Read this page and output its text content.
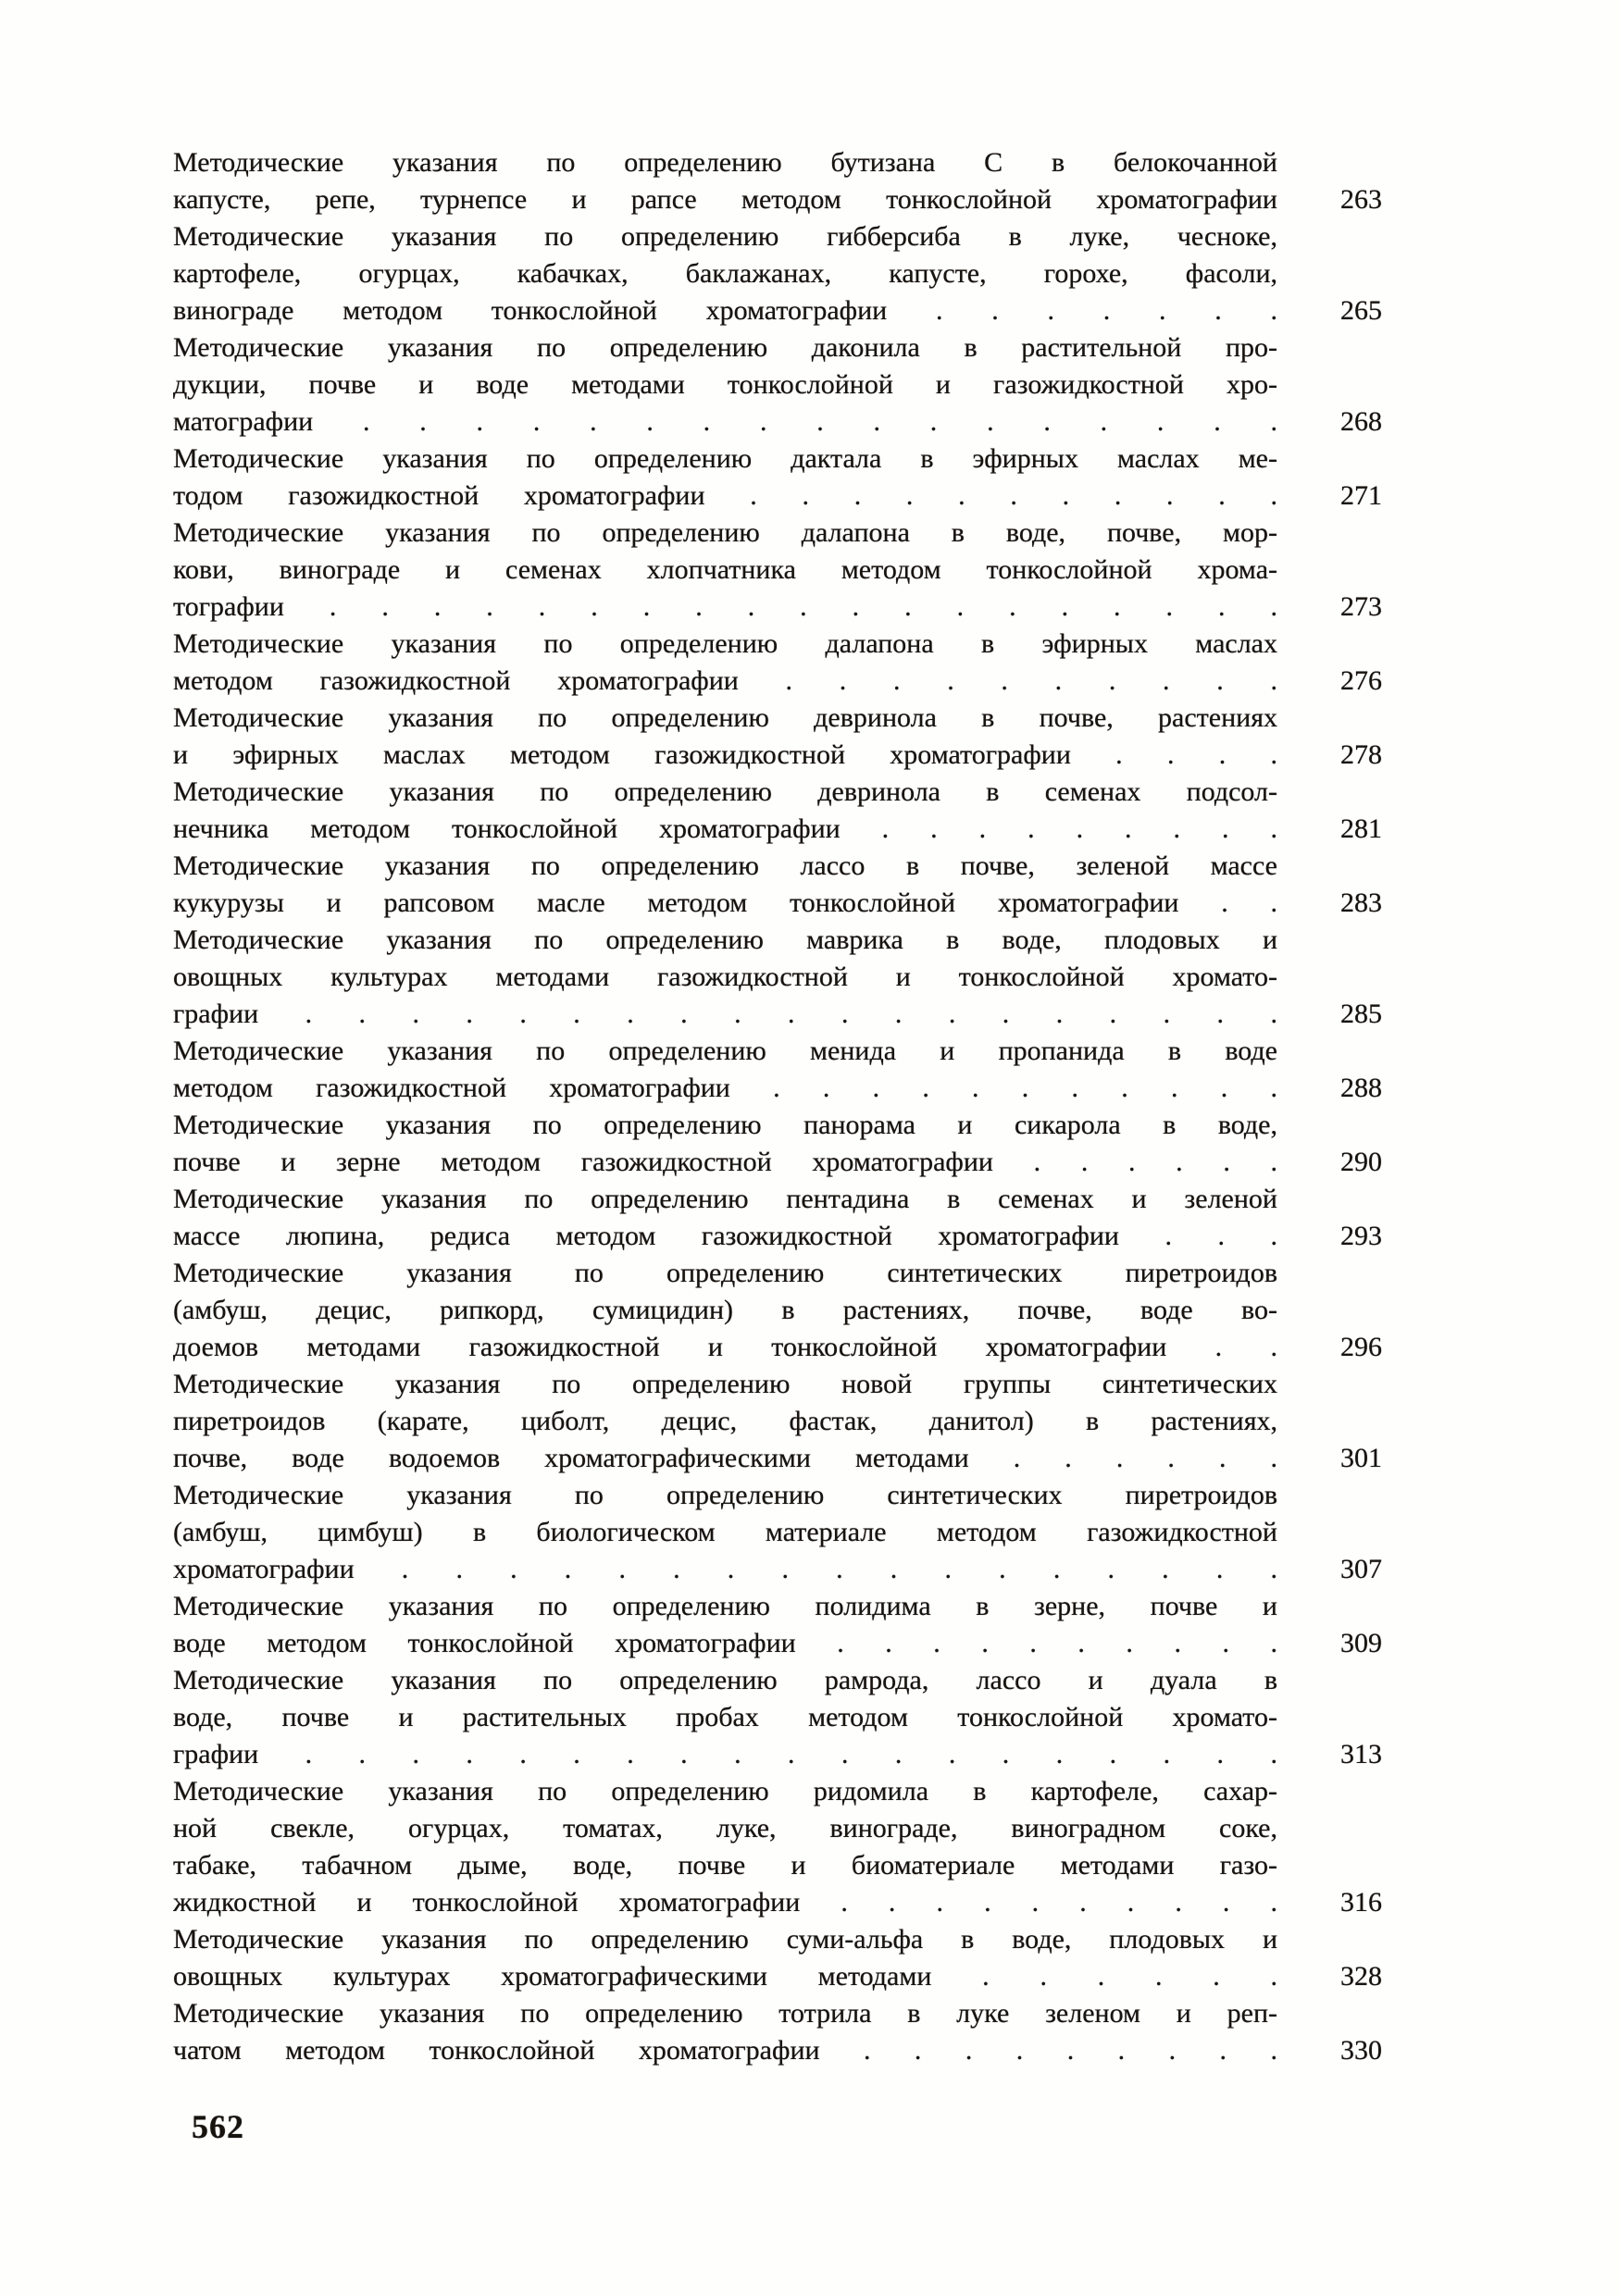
Методические указания по определению бутизана С в белокочанной
капусте, репе, турнепсе и рапсе методом тонкослойной хроматографии	263
Методические указания по определению гибберсиба в луке, чесноке,
картофеле, огурцах, кабачках, баклажанах, капусте, горохе, фасоли,
винограде методом тонкослойной хроматографии . . . . . . .	265
Методические указания по определению даконила в растительной про-
дукции, почве и воде методами тонкослойной и газожидкостной хро-
матографии . . . . . . . . . . . . . . . . .	268
Методические указания по определению дактала в эфирных маслах ме-
тодом газожидкостной хроматографии . . . . . . . . . . .	271
Методические указания по определению далапона в воде, почве, мор-
кови, винограде и семенах хлопчатника методом тонкослойной хрома-
тографии . . . . . . . . . . . . . . . . . . .	273
Методические указания по определению далапона в эфирных маслах
методом газожидкостной хроматографии . . . . . . . . . .	276
Методические указания по определению девринола в почве, растениях
и эфирных маслах методом газожидкостной хроматографии . . . .	278
Методические указания по определению девринола в семенах подсол-
нечника методом тонкослойной хроматографии . . . . . . . . .	281
Методические указания по определению лассо в почве, зеленой массе
кукурузы и рапсовом масле методом тонкослойной хроматографии . .	283
Методические указания по определению маврика в воде, плодовых и
овощных культурах методами газожидкостной и тонкослойной хромато-
графии . . . . . . . . . . . . . . . . . . .	285
Методические указания по определению менида и пропанида в воде
методом газожидкостной хроматографии . . . . . . . . . . .	288
Методические указания по определению панорама и сикарола в воде,
почве и зерне методом газожидкостной хроматографии . . . . . .	290
Методические указания по определению пентадина в семенах и зеленой
массе люпина, редиса методом газожидкостной хроматографии . . .	293
Методические указания по определению синтетических пиретроидов
(амбуш, децис, рипкорд, сумицидин) в растениях, почве, воде во-
доемов методами газожидкостной и тонкослойной хроматографии . .	296
Методические указания по определению новой группы синтетических
пиретроидов (карате, циболт, децис, фастак, данитол) в растениях,
почве, воде водоемов хроматографическими методами . . . . . .	301
Методические указания по определению синтетических пиретроидов
(амбуш, цимбуш) в биологическом материале методом газожидкостной
хроматографии . . . . . . . . . . . . . . . . .	307
Методические указания по определению полидима в зерне, почве и
воде методом тонкослойной хроматографии . . . . . . . . . .	309
Методические указания по определению рамрода, лассо и дуала в
воде, почве и растительных пробах методом тонкослойной хромато-
графии . . . . . . . . . . . . . . . . . . .	313
Методические указания по определению ридомила в картофеле, сахар-
ной свекле, огурцах, томатах, луке, винограде, виноградном соке,
табаке, табачном дыме, воде, почве и биоматериале методами газо-
жидкостной и тонкослойной хроматографии . . . . . . . . . .	316
Методические указания по определению суми-альфа в воде, плодовых и
овощных культурах хроматографическими методами . . . . . .	328
Методические указания по определению тотрила в луке зеленом и реп-
чатом методом тонкослойной хроматографии . . . . . . . . .	330
562
